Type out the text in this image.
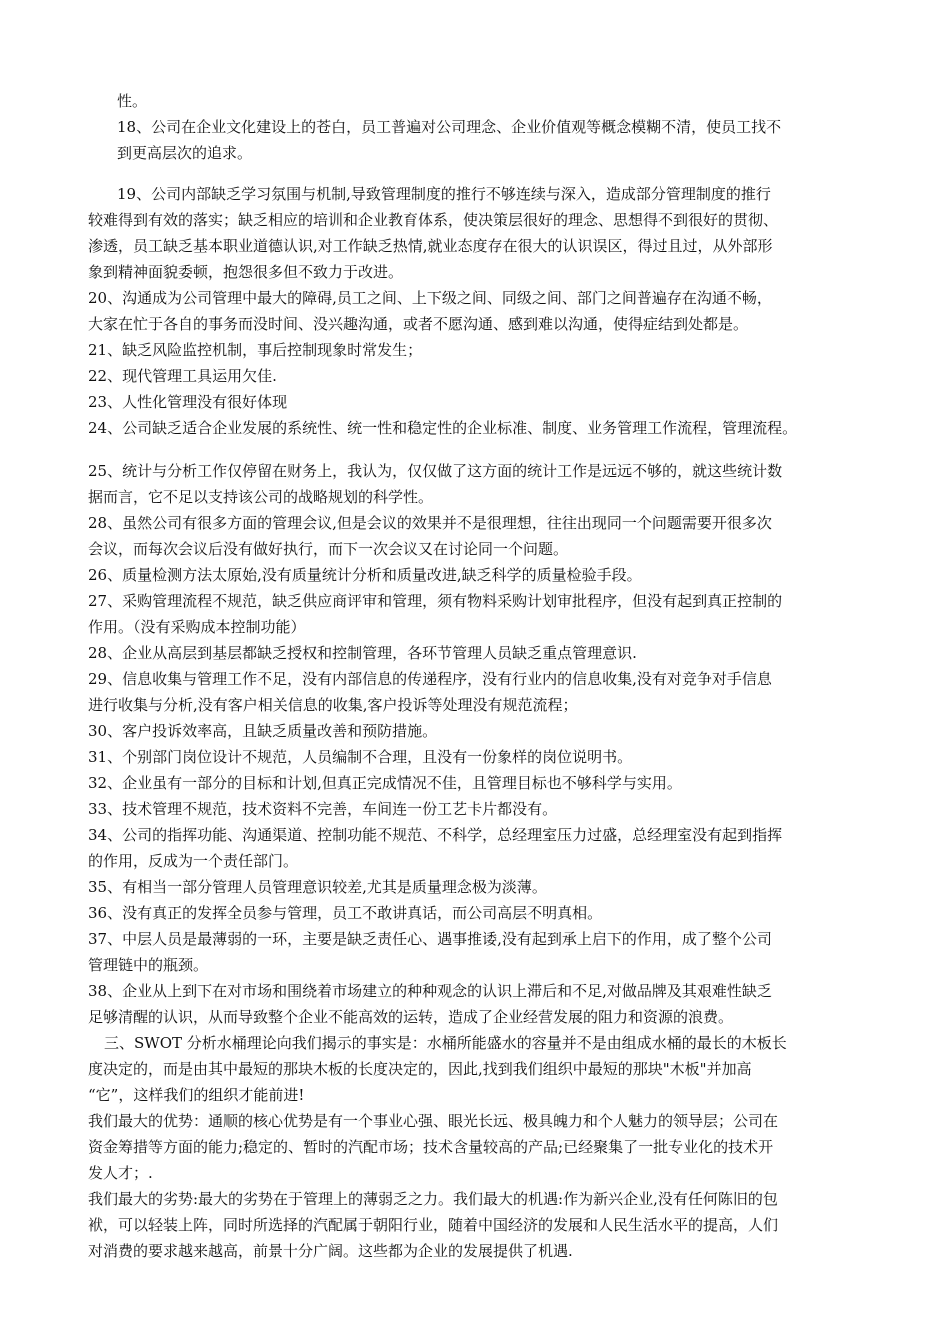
性。
18、公司在企业文化建设上的苍白，员工普遍对公司理念、企业价值观等概念模糊不清，使员工找不
到更高层次的追求。
19、公司内部缺乏学习氛围与机制,导致管理制度的推行不够连续与深入，造成部分管理制度的推行
较难得到有效的落实；缺乏相应的培训和企业教育体系，使决策层很好的理念、思想得不到很好的贯彻、
渗透，员工缺乏基本职业道德认识,对工作缺乏热情,就业态度存在很大的认识误区，得过且过，从外部形
象到精神面貌委顿，抱怨很多但不致力于改进。
20、沟通成为公司管理中最大的障碍,员工之间、上下级之间、同级之间、部门之间普遍存在沟通不畅，
大家在忙于各自的事务而没时间、没兴趣沟通，或者不愿沟通、感到难以沟通，使得症结到处都是。
21、缺乏风险监控机制，事后控制现象时常发生；
22、现代管理工具运用欠佳.
23、人性化管理没有很好体现
24、公司缺乏适合企业发展的系统性、统一性和稳定性的企业标准、制度、业务管理工作流程，管理流程。
25、统计与分析工作仅停留在财务上，我认为，仅仅做了这方面的统计工作是远远不够的，就这些统计数
据而言，它不足以支持该公司的战略规划的科学性。
28、虽然公司有很多方面的管理会议,但是会议的效果并不是很理想，往往出现同一个问题需要开很多次
会议，而每次会议后没有做好执行，而下一次会议又在讨论同一个问题。
26、质量检测方法太原始,没有质量统计分析和质量改进,缺乏科学的质量检验手段。
27、采购管理流程不规范，缺乏供应商评审和管理，须有物料采购计划审批程序，但没有起到真正控制的
作用。（没有采购成本控制功能）
28、企业从高层到基层都缺乏授权和控制管理，各环节管理人员缺乏重点管理意识.
29、信息收集与管理工作不足，没有内部信息的传递程序，没有行业内的信息收集,没有对竞争对手信息
进行收集与分析,没有客户相关信息的收集,客户投诉等处理没有规范流程；
30、客户投诉效率高，且缺乏质量改善和预防措施。
31、个别部门岗位设计不规范，人员编制不合理，且没有一份象样的岗位说明书。
32、企业虽有一部分的目标和计划,但真正完成情况不佳，且管理目标也不够科学与实用。
33、技术管理不规范，技术资料不完善，车间连一份工艺卡片都没有。
34、公司的指挥功能、沟通渠道、控制功能不规范、不科学，总经理室压力过盛，总经理室没有起到指挥
的作用，反成为一个责任部门。
35、有相当一部分管理人员管理意识较差,尤其是质量理念极为淡薄。
36、没有真正的发挥全员参与管理，员工不敢讲真话，而公司高层不明真相。
37、中层人员是最薄弱的一环，主要是缺乏责任心、遇事推诿,没有起到承上启下的作用，成了整个公司
管理链中的瓶颈。
38、企业从上到下在对市场和围绕着市场建立的种种观念的认识上滞后和不足,对做品牌及其艰难性缺乏
足够清醒的认识，从而导致整个企业不能高效的运转，造成了企业经营发展的阻力和资源的浪费。
三、SWOT 分析水桶理论向我们揭示的事实是：水桶所能盛水的容量并不是由组成水桶的最长的木板长
度决定的，而是由其中最短的那块木板的长度决定的，因此,找到我们组织中最短的那块"木板"并加高
“它”，这样我们的组织才能前进!
我们最大的优势：通顺的核心优势是有一个事业心强、眼光长远、极具魄力和个人魅力的领导层；公司在
资金筹措等方面的能力;稳定的、暂时的汽配市场；技术含量较高的产品;已经聚集了一批专业化的技术开
发人才；.
我们最大的劣势:最大的劣势在于管理上的薄弱乏之力。我们最大的机遇:作为新兴企业,没有任何陈旧的包
袱，可以轻装上阵，同时所选择的汽配属于朝阳行业，随着中国经济的发展和人民生活水平的提高，人们
对消费的要求越来越高，前景十分广阔。这些都为企业的发展提供了机遇.
